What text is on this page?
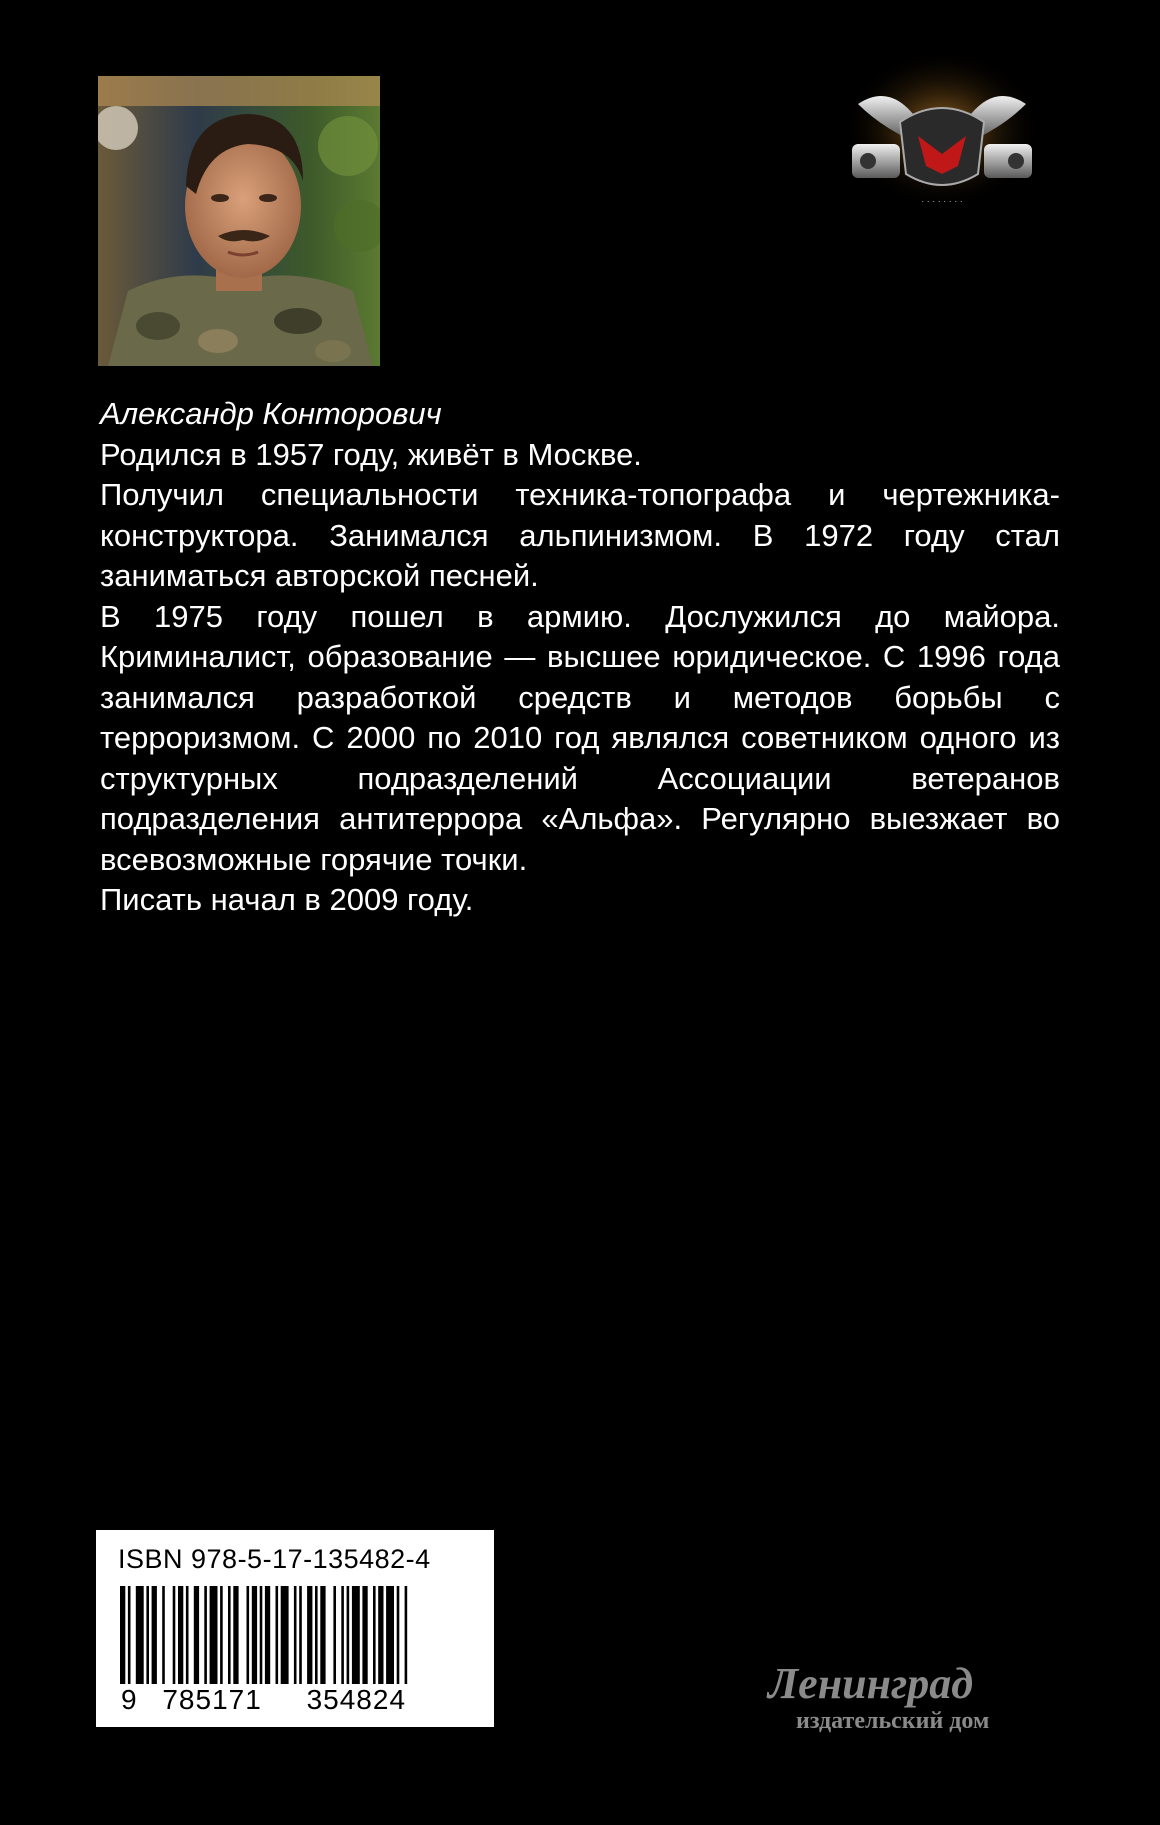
· · · · · · · ·
Александр Конторович

Родился в 1957 году, живёт в Москве.

Получил специальности техника-топографа и чертежника-конструктора. Занимался альпинизмом. В 1972 году стал заниматься авторской песней.

В 1975 году пошел в армию. Дослужился до майора. Криминалист, образование — высшее юридическое. С 1996 года занимался разработкой средств и методов борьбы с терроризмом. С 2000 по 2010 год являлся советником одного из структурных подразделений Ассоциации ветеранов подразделения антитеррора «Альфа». Регулярно выезжает во всевозможные горячие точки.

Писать начал в 2009 году.

ISBN 978-5-17-135482-4
9 785171 354824	Ленинград
издательский дом
